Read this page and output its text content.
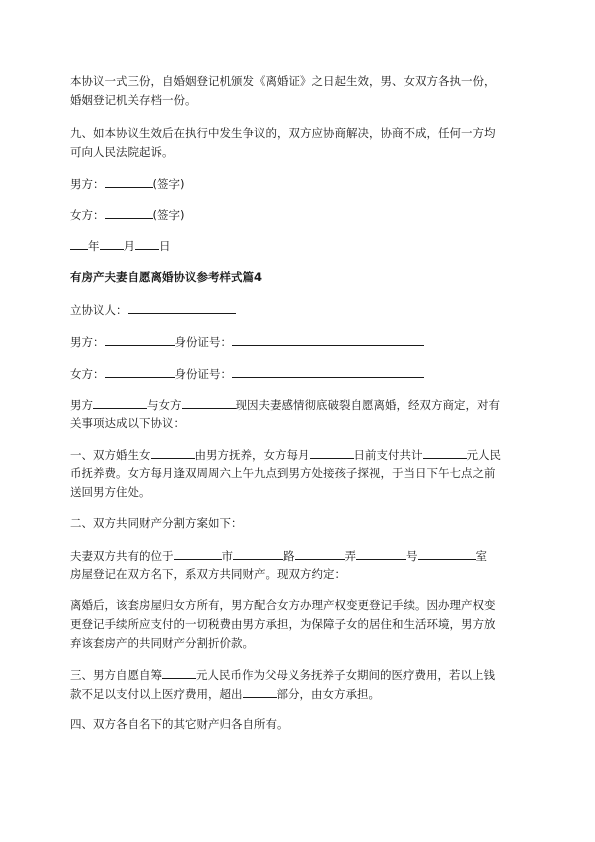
本协议一式三份，自婚姻登记机颁发《离婚证》之日起生效，男、女双方各执一份，
婚姻登记机关存档一份。
九、如本协议生效后在执行中发生争议的，双方应协商解决，协商不成，任何一方均
可向人民法院起诉。
男方：	(签字)
女方：	(签字)
年 月 日
有房产夫妻自愿离婚协议参考样式篇4
立协议人：
男方：	身份证号：
女方：	身份证号：
男方	与女方	现因夫妻感情彻底破裂自愿离婚，经双方商定，对有
关事项达成以下协议：
一、双方婚生女	由男方抚养，女方每月	日前支付共计	元人民
币抚养费。女方每月逢双周周六上午九点到男方处接孩子探视，于当日下午七点之前
送回男方住处。
二、双方共同财产分割方案如下：
夫妻双方共有的位于	市	路	弄	号	室
房屋登记在双方名下，系双方共同财产。现双方约定：
离婚后，该套房屋归女方所有，男方配合女方办理产权变更登记手续。因办理产权变
更登记手续所应支付的一切税费由男方承担，为保障子女的居住和生活环境，男方放
弃该套房产的共同财产分割折价款。
三、男方自愿自筹	元人民币作为父母义务抚养子女期间的医疗费用，若以上钱
款不足以支付以上医疗费用，超出	部分，由女方承担。
四、双方各自名下的其它财产归各自所有。
